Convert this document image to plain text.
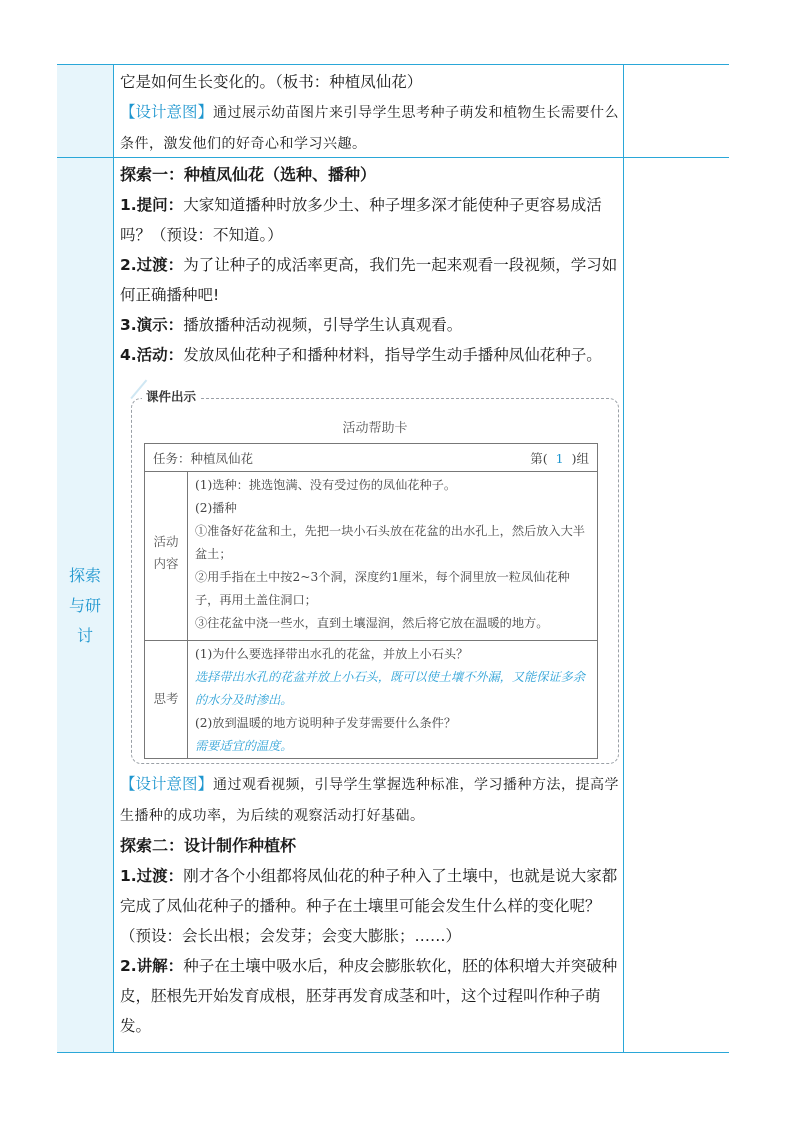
探索与研讨

它是如何生长变化的。（板书：种植凤仙花）

【设计意图】通过展示幼苗图片来引导学生思考种子萌发和植物生长需要什么条件，激发他们的好奇心和学习兴趣。

探索一：种植凤仙花（选种、播种）

1.提问：大家知道播种时放多少土、种子埋多深才能使种子更容易成活吗？（预设：不知道。）

2.过渡：为了让种子的成活率更高，我们先一起来观看一段视频，学习如何正确播种吧!

3.演示：播放播种活动视频，引导学生认真观看。

4.活动：发放凤仙花种子和播种材料，指导学生动手播种凤仙花种子。

课件出示
活动帮助卡
任务：种植凤仙花	第( 1 )组
活动内容

(1)选种：挑选饱满、没有受过伤的凤仙花种子。

(2)播种

①准备好花盆和土，先把一块小石头放在花盆的出水孔上，然后放入大半盆土；

②用手指在土中按2~3个洞，深度约1厘米，每个洞里放一粒凤仙花种子，再用土盖住洞口；

③往花盆中浇一些水，直到土壤湿润，然后将它放在温暖的地方。

思考

(1)为什么要选择带出水孔的花盆，并放上小石头？

选择带出水孔的花盆并放上小石头，既可以使土壤不外漏，又能保证多余的水分及时渗出。

(2)放到温暖的地方说明种子发芽需要什么条件？

需要适宜的温度。

【设计意图】通过观看视频，引导学生掌握选种标准，学习播种方法，提高学生播种的成功率，为后续的观察活动打好基础。

探索二：设计制作种植杯

1.过渡：刚才各个小组都将凤仙花的种子种入了土壤中，也就是说大家都完成了凤仙花种子的播种。种子在土壤里可能会发生什么样的变化呢？（预设：会长出根；会发芽；会变大膨胀；……）

2.讲解：种子在土壤中吸水后，种皮会膨胀软化，胚的体积增大并突破种皮，胚根先开始发育成根，胚芽再发育成茎和叶，这个过程叫作种子萌发。
